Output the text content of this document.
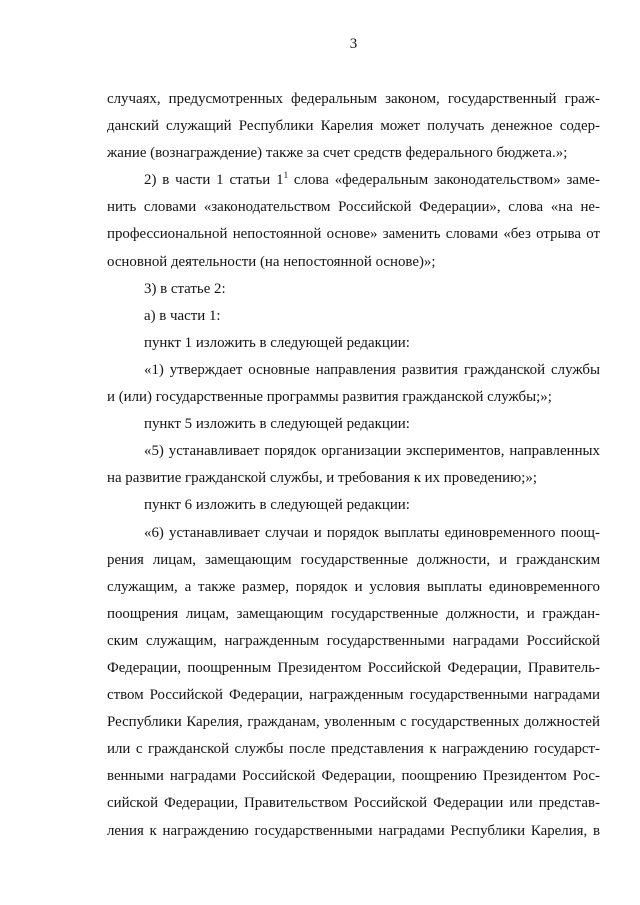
3
случаях, предусмотренных федеральным законом, государственный граж-
данский служащий Республики Карелия может получать денежное содер-
жание (вознаграждение) также за счет средств федерального бюджета.»;
2) в части 1 статьи $1^1$ слова «федеральным законодательством» заме-
нить словами «законодательством Российской Федерации», слова «на не-
профессиональной непостоянной основе» заменить словами «без отрыва от
основной деятельности (на непостоянной основе)»;
3) в статье 2:
а) в части 1:
пункт 1 изложить в следующей редакции:
«1) утверждает основные направления развития гражданской службы
и (или) государственные программы развития гражданской службы;»;
пункт 5 изложить в следующей редакции:
«5) устанавливает порядок организации экспериментов, направленных
на развитие гражданской службы, и требования к их проведению;»;
пункт 6 изложить в следующей редакции:
«6) устанавливает случаи и порядок выплаты единовременного поощ-
рения лицам, замещающим государственные должности, и гражданским
служащим, а также размер, порядок и условия выплаты единовременного
поощрения лицам, замещающим государственные должности, и граждан-
ским служащим, награжденным государственными наградами Российской
Федерации, поощренным Президентом Российской Федерации, Правитель-
ством Российской Федерации, награжденным государственными наградами
Республики Карелия, гражданам, уволенным с государственных должностей
или с гражданской службы после представления к награждению государст-
венными наградами Российской Федерации, поощрению Президентом Рос-
сийской Федерации, Правительством Российской Федерации или представ-
ления к награждению государственными наградами Республики Карелия, в
